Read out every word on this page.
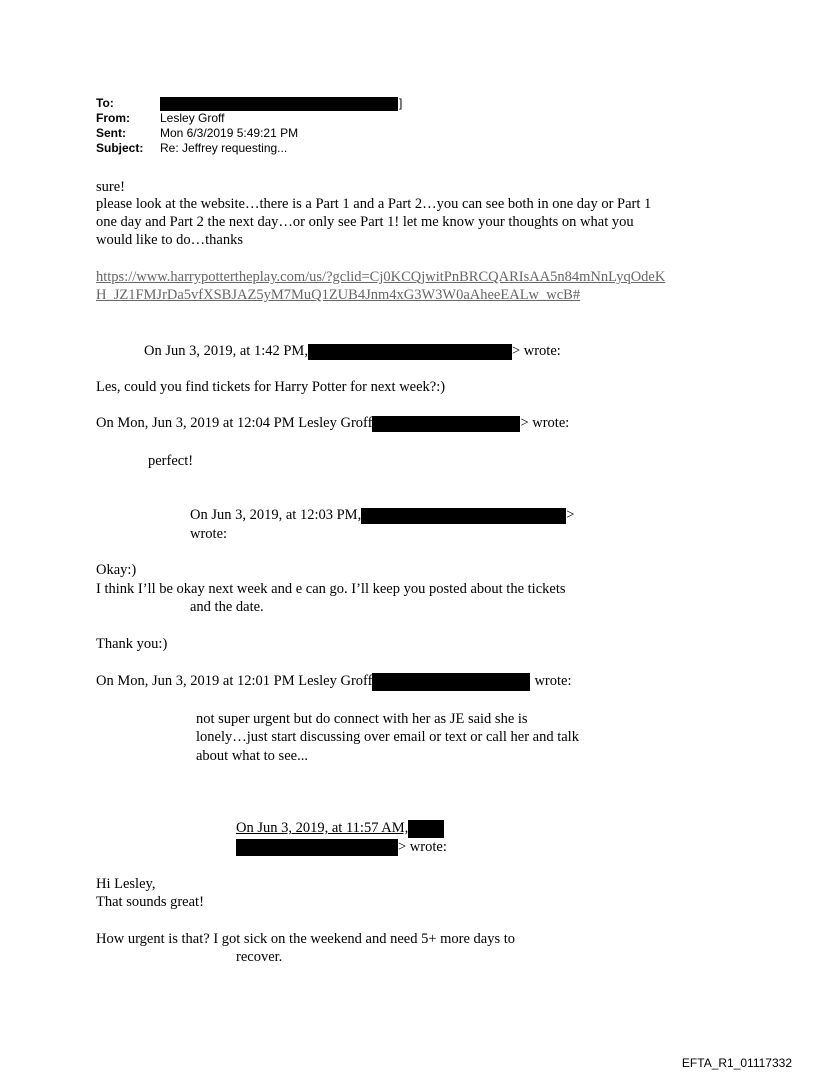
To:	]
From:	Lesley Groff
Sent:	Mon 6/3/2019 5:49:21 PM
Subject:	Re: Jeffrey requesting...
sure!
please look at the website…there is a Part 1 and a Part 2…you can see both in one day or Part 1
one day and Part 2 the next day…or only see Part 1! let me know your thoughts on what you
would like to do…thanks
https://www.harrypottertheplay.com/us/?gclid=Cj0KCQjwitPnBRCQARIsAA5n84mNnLyqOdeK
H_JZ1FMJrDa5vfXSBJAZ5yM7MuQ1ZUB4Jnm4xG3W3W0aAheeEALw_wcB#
On Jun 3, 2019, at 1:42 PM,	> wrote:
Les, could you find tickets for Harry Potter for next week?:)
On Mon, Jun 3, 2019 at 12:04 PM Lesley Groff	> wrote:
perfect!
On Jun 3, 2019, at 12:03 PM,	>
wrote:
Okay:)
I think I’ll be okay next week and e can go. I’ll keep you posted about the tickets
and the date.
Thank you:)
On Mon, Jun 3, 2019 at 12:01 PM Lesley Groff	wrote:
not super urgent but do connect with her as JE said she is
lonely…just start discussing over email or text or call her and talk
about what to see...
On Jun 3, 2019, at 11:57 AM,
> wrote:
Hi Lesley,
That sounds great!
How urgent is that? I got sick on the weekend and need 5+ more days to
recover.
EFTA_R1_01117332
